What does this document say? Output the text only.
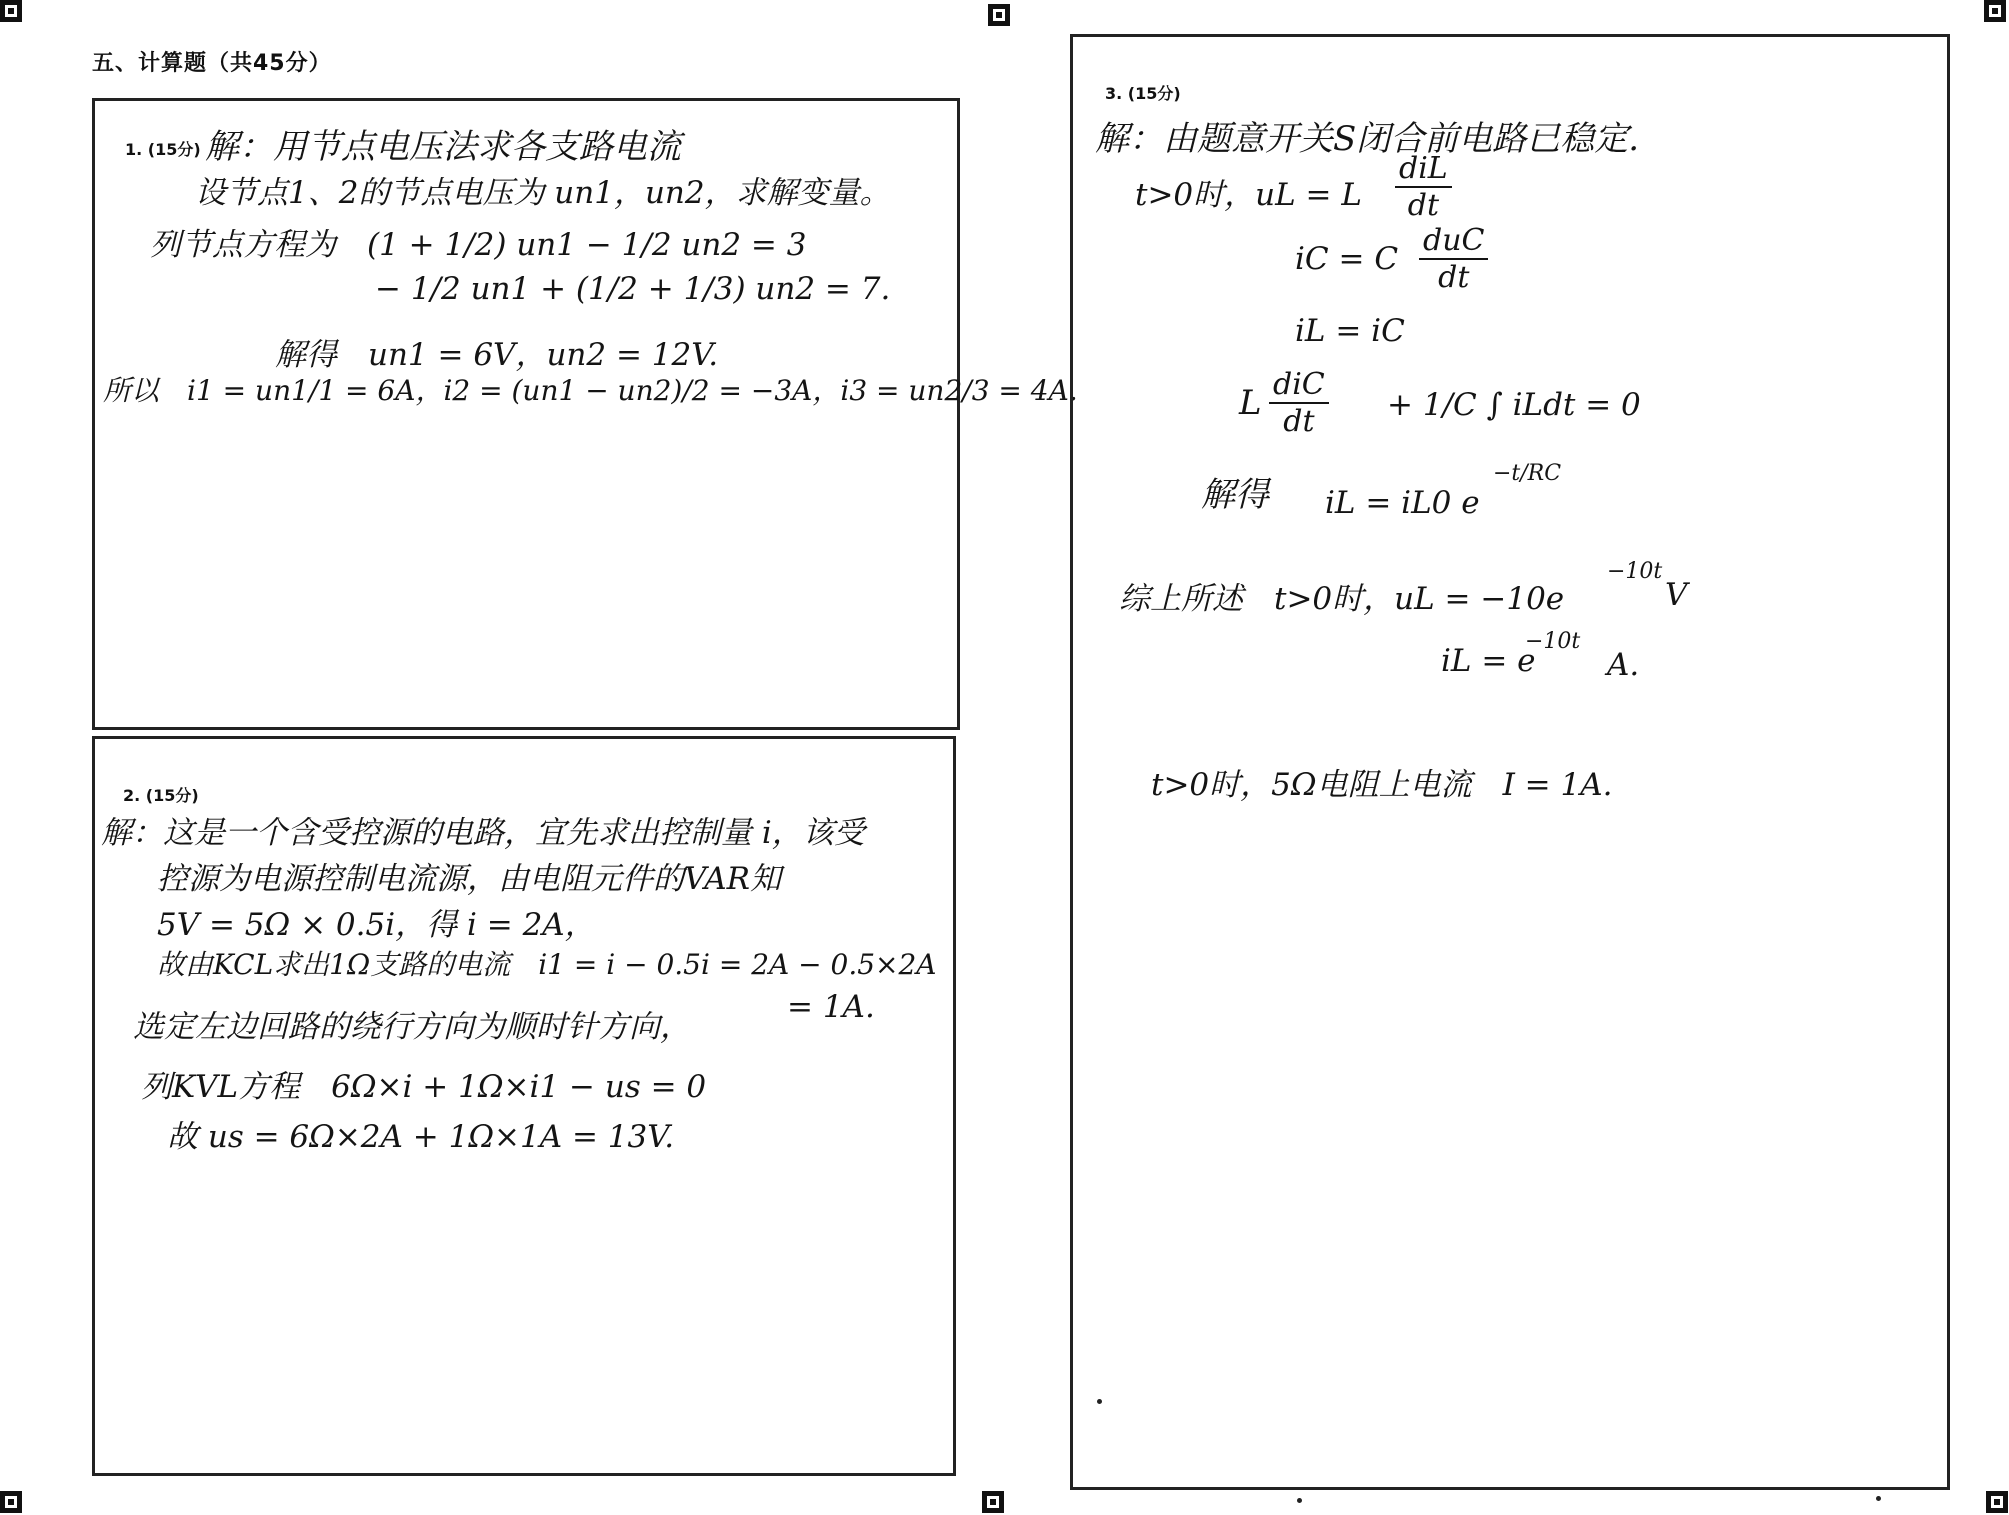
五、计算题（共45分）
1. (15分) 解：用节点电压法求各支路电流
设节点1、2的节点电压为 un1，un2，求解变量。
列节点方程为　(1 + 1/2) un1 − 1/2 un2 = 3
− 1/2 un1 + (1/2 + 1/3) un2 = 7.
解得　un1 = 6V，un2 = 12V.
所以　i1 = un1/1 = 6A，i2 = (un1 − un2)/2 = −3A，i3 = un2/3 = 4A.
2. (15分)
解：这是一个含受控源的电路，宜先求出控制量 i，该受
控源为电源控制电流源，由电阻元件的VAR知
5V = 5Ω × 0.5i，得 i = 2A，
故由KCL求出1Ω支路的电流　i1 = i − 0.5i = 2A − 0.5×2A
选定左边回路的绕行方向为顺时针方向，
= 1A.
列KVL方程　6Ω×i + 1Ω×i1 − us = 0
故 us = 6Ω×2A + 1Ω×1A = 13V.
3. (15分)
解：由题意开关S闭合前电路已稳定.
t>0时，uL = L
diL
dt
iC = C
duC
dt
iL = iC
L diC
dt	+ 1/C ∫ iLdt = 0
解得 iL = iL0 e
−t/RC
综上所述　t>0时，uL = −10e
−10t
V
iL = e
−10t
A.
t>0时，5Ω电阻上电流　I = 1A.
